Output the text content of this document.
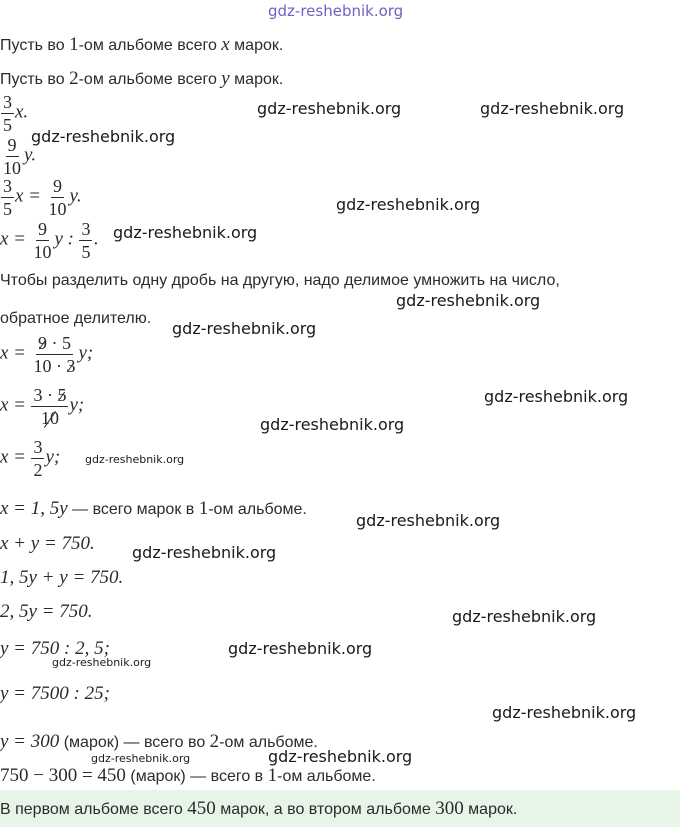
gdz-reshebnik.org
Пусть во 1-ом альбоме всего x марок.
Пусть во 2-ом альбоме всего y марок.
$\frac{3}{5} x$.
$\frac{9}{10} y$.
$\frac{3}{5}$ $x = \frac{9}{10} y$.
$x = \frac{9}{10}$ y : $\frac{3}{5}$ .
Чтобы разделить одну дробь на другую, надо делимое умножить на число,
обратное делителю.
$x = \frac{9 \cdot 5}{10 \cdot 3} y$;
$x = \frac{3 \cdot 5}{10} y$;
$x = \frac{3}{2} y$;
x = 1, 5y — всего марок в 1-ом альбоме.
x + y = 750.
1, 5y + y = 750.
2, 5y = 750.
y = 750 : 2, 5;
y = 7500 : 25;
y = 300 (марок) — всего во 2-ом альбоме.
750 − 300 = 450 (марок) — всего в 1-ом альбоме.
В первом альбоме всего 450 марок, а во втором альбоме 300 марок.
gdz-reshebnik.org	gdz-reshebnik.org
gdz-reshebnik.org
gdz-reshebnik.org
gdz-reshebnik.org
gdz-reshebnik.org
gdz-reshebnik.org
gdz-reshebnik.org
gdz-reshebnik.org
gdz-reshebnik.org
gdz-reshebnik.org
gdz-reshebnik.org
gdz-reshebnik.org
gdz-reshebnik.org
gdz-reshebnik.org
gdz-reshebnik.org
gdz-reshebnik.org
gdz-reshebnik.org
